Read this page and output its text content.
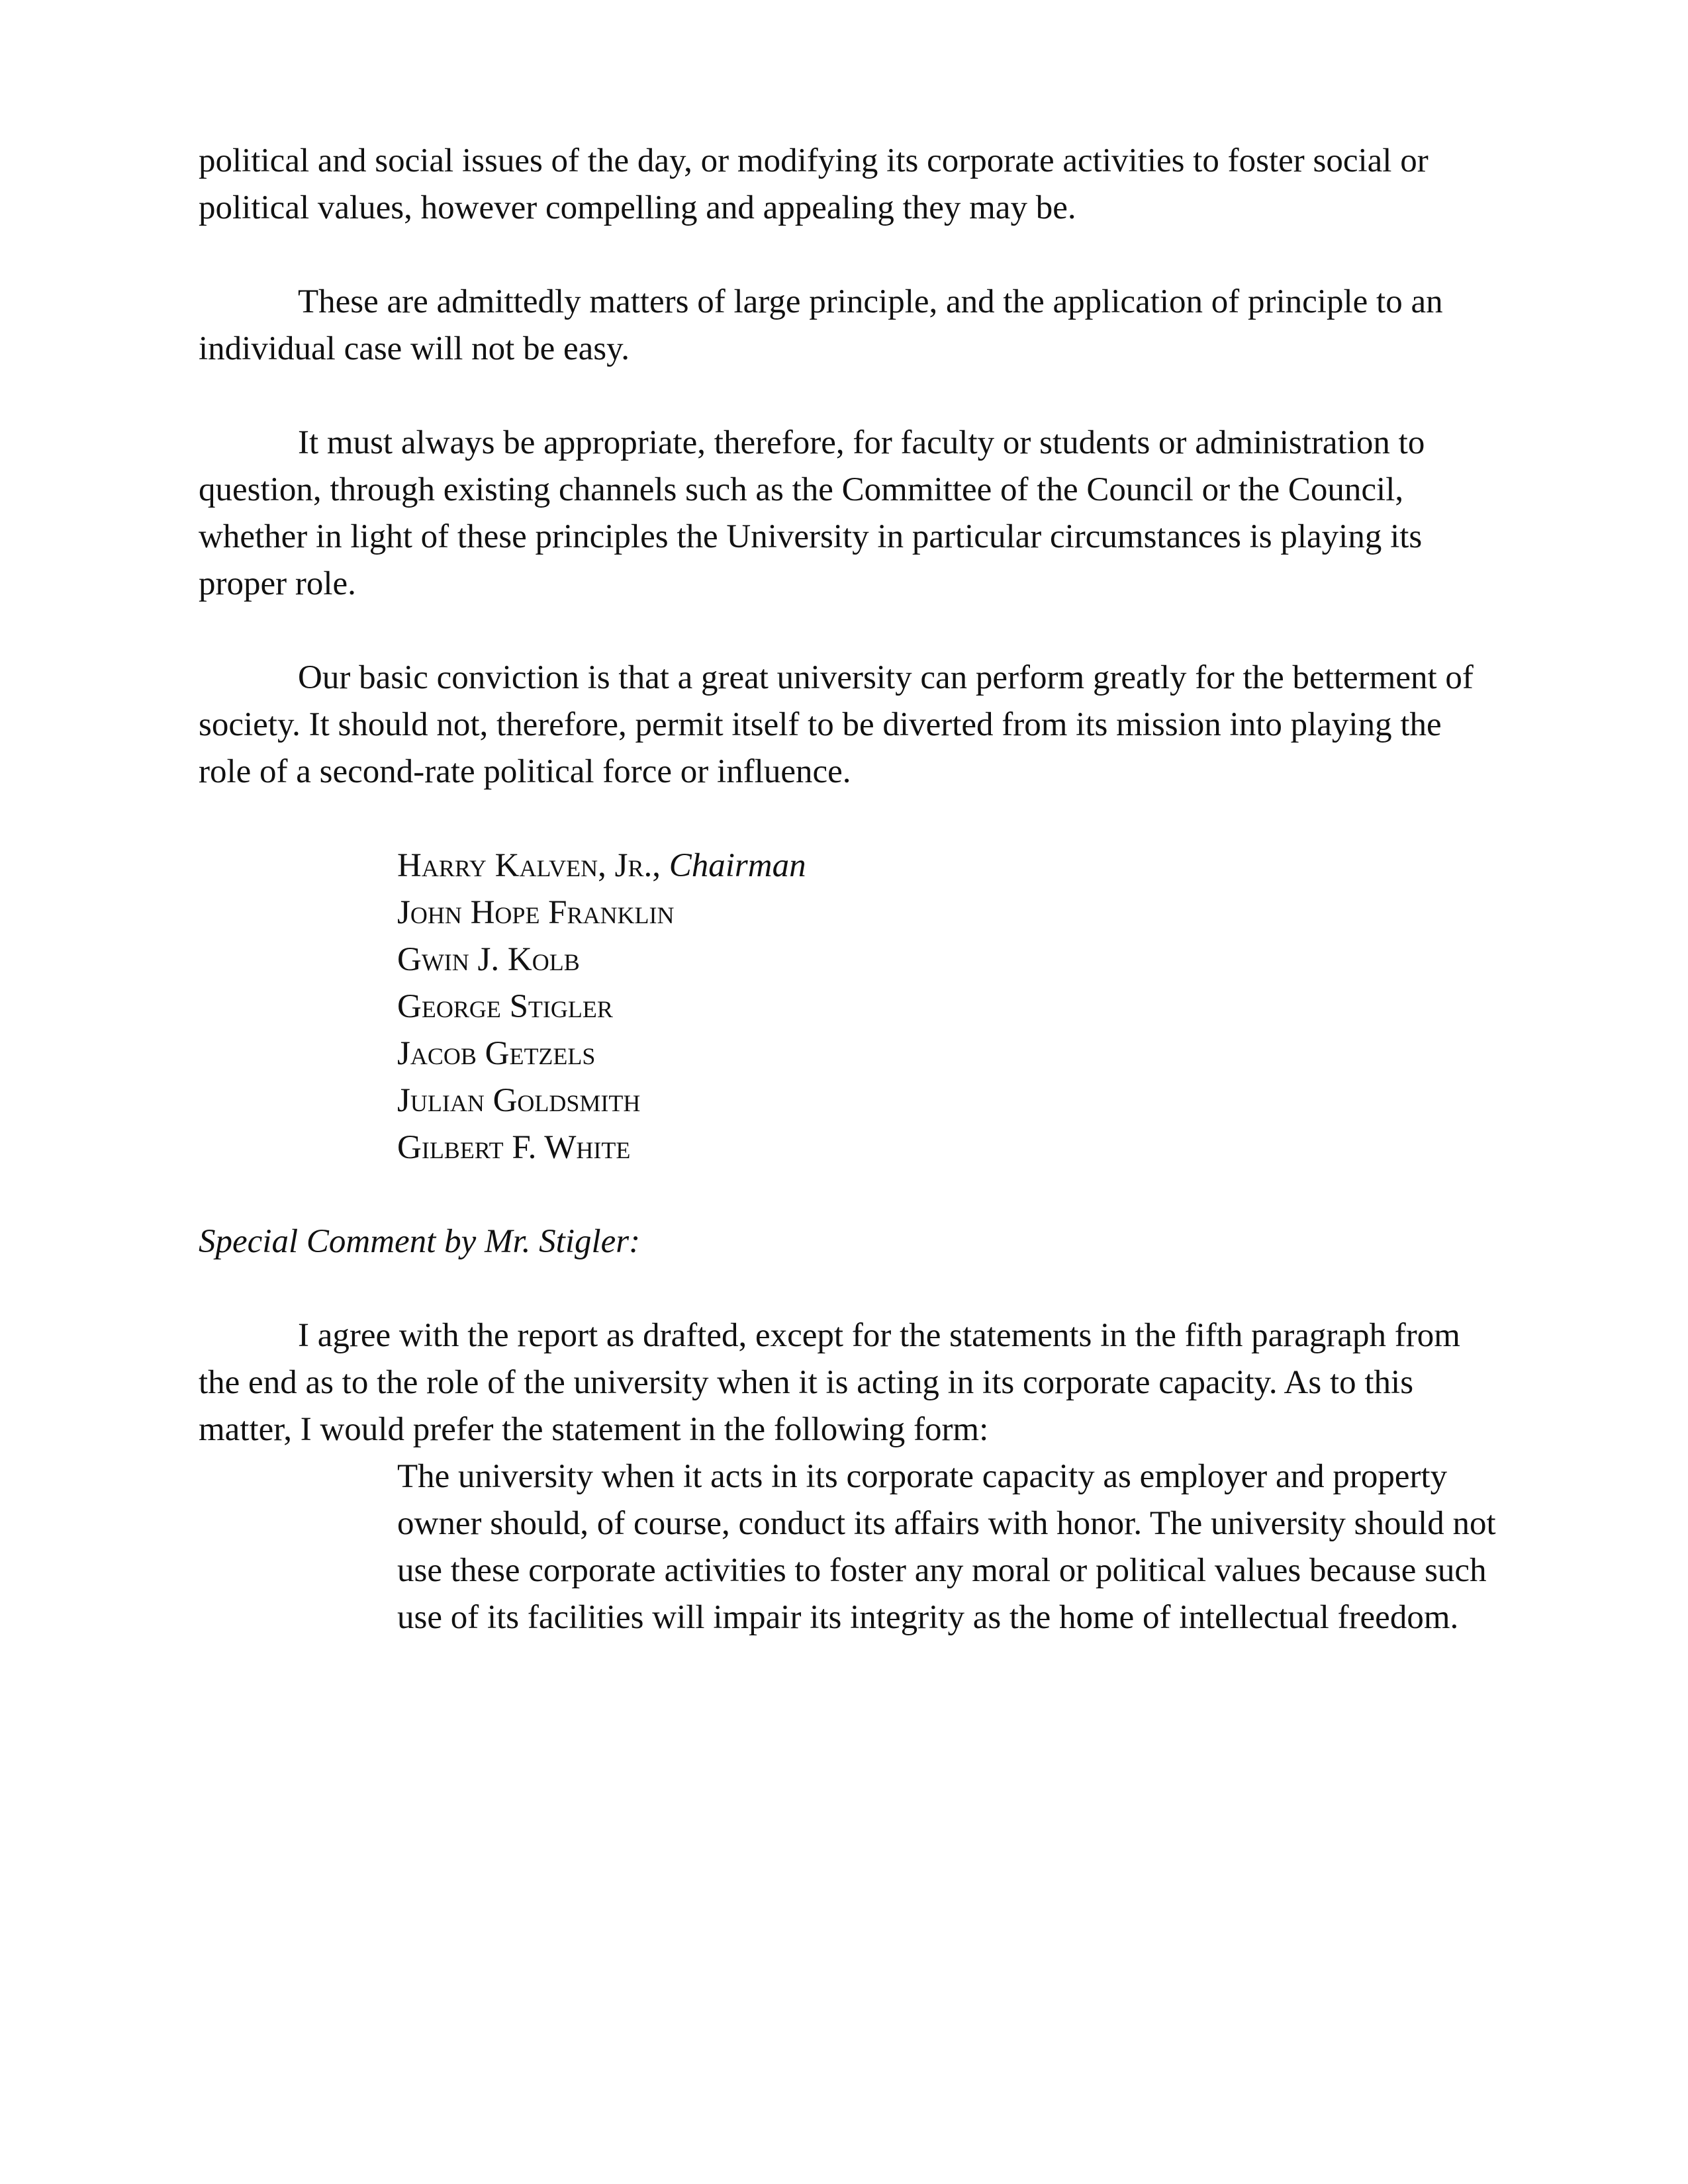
political and social issues of the day, or modifying its corporate activities to foster social or political values, however compelling and appealing they may be.

These are admittedly matters of large principle, and the application of principle to an individual case will not be easy.

It must always be appropriate, therefore, for faculty or students or administration to question, through existing channels such as the Committee of the Council or the Council, whether in light of these principles the University in particular circumstances is playing its proper role.

Our basic conviction is that a great university can perform greatly for the betterment of society. It should not, therefore, permit itself to be diverted from its mission into playing the role of a second-rate political force or influence.

Harry Kalven, Jr., Chairman
John Hope Franklin
Gwin J. Kolb
George Stigler
Jacob Getzels
Julian Goldsmith
Gilbert F. White

Special Comment by Mr. Stigler:

I agree with the report as drafted, except for the statements in the fifth paragraph from the end as to the role of the university when it is acting in its corporate capacity. As to this matter, I would prefer the statement in the following form:

The university when it acts in its corporate capacity as employer and property owner should, of course, conduct its affairs with honor. The university should not use these corporate activities to foster any moral or political values because such use of its facilities will impair its integrity as the home of intellectual freedom.
